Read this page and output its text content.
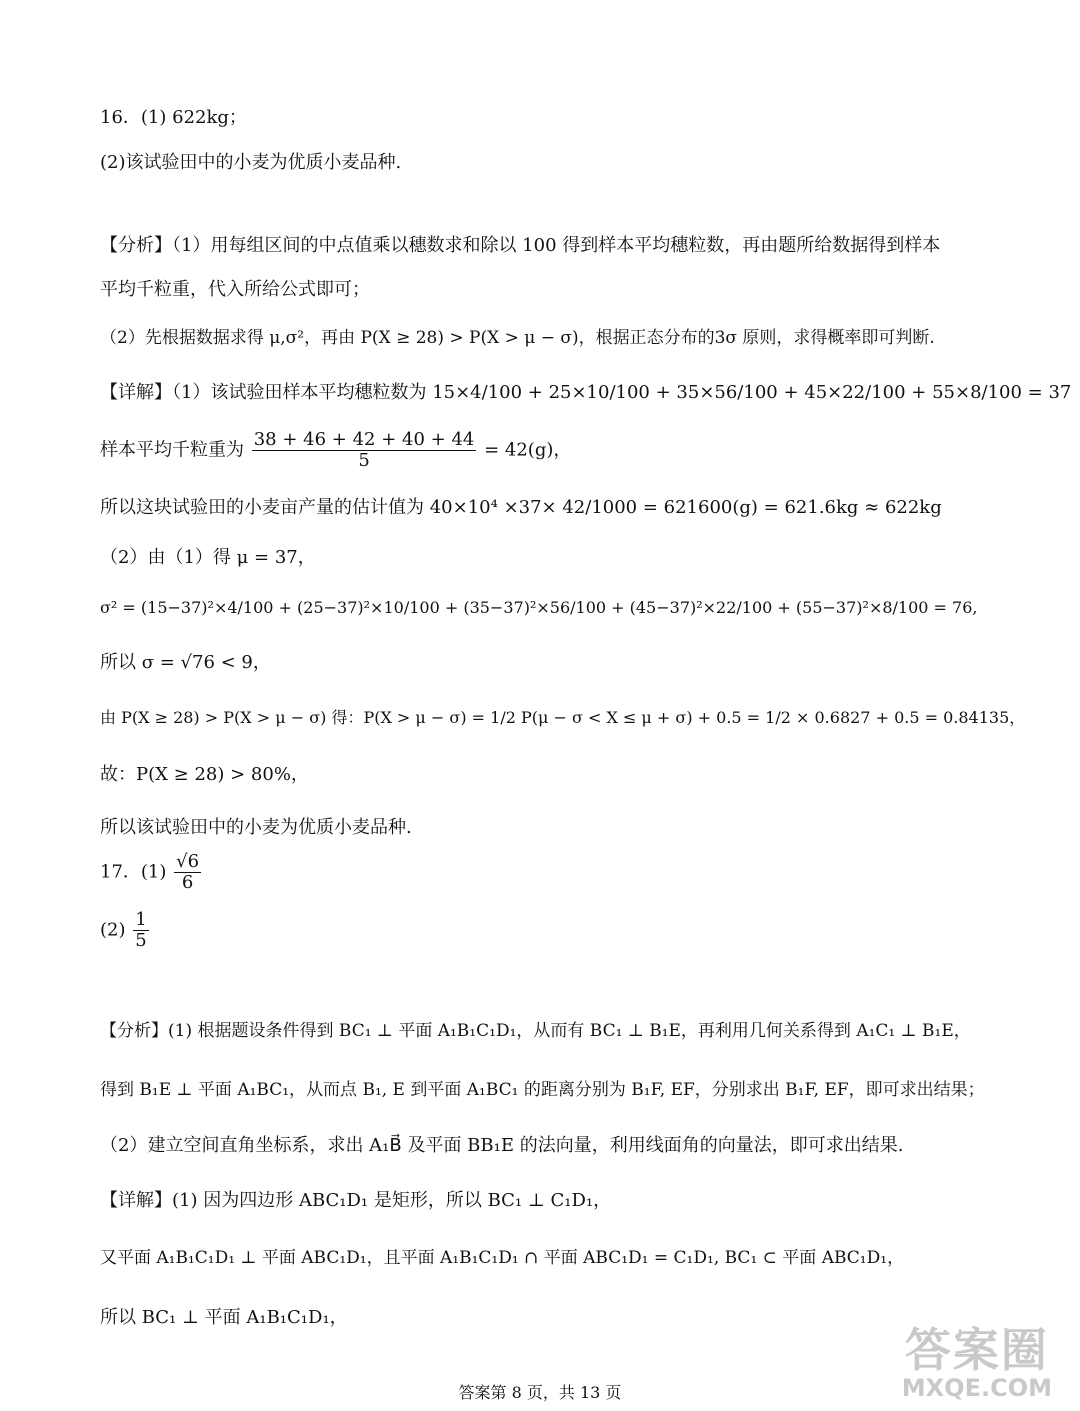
16．(1) 622kg；
(2)该试验田中的小麦为优质小麦品种.
【分析】（1）用每组区间的中点值乘以穗数求和除以 100 得到样本平均穗粒数，再由题所给数据得到样本
平均千粒重，代入所给公式即可；
（2）先根据数据求得 μ,σ²，再由 P(X ≥ 28) > P(X > μ − σ)，根据正态分布的3σ 原则，求得概率即可判断.
【详解】（1）该试验田样本平均穗粒数为 15×4/100 + 25×10/100 + 35×56/100 + 45×22/100 + 55×8/100 = 37
样本平均千粒重为 $\frac{38 + 46 + 42 + 40 + 44}{5} = 42(g)$，
所以这块试验田的小麦亩产量的估计值为 40×10⁴ ×37× 42/1000 = 621600(g) = 621.6kg ≈ 622kg
（2）由（1）得 μ = 37，
σ² = (15−37)²×4/100 + (25−37)²×10/100 + (35−37)²×56/100 + (45−37)²×22/100 + (55−37)²×8/100 = 76,
所以 σ = √76 < 9，
由 P(X ≥ 28) > P(X > μ − σ) 得：P(X > μ − σ) = 1/2 P(μ − σ < X ≤ μ + σ) + 0.5 = 1/2 × 0.6827 + 0.5 = 0.84135，
故：P(X ≥ 28) > 80%，
所以该试验田中的小麦为优质小麦品种.
17．$(1) \frac{√6}{6}$
$(2) \frac{1}{5}$
【分析】(1) 根据题设条件得到 BC₁ ⊥ 平面 A₁B₁C₁D₁，从而有 BC₁ ⊥ B₁E，再利用几何关系得到 A₁C₁ ⊥ B₁E，
得到 B₁E ⊥ 平面 A₁BC₁，从而点 B₁, E 到平面 A₁BC₁ 的距离分别为 B₁F, EF，分别求出 B₁F, EF，即可求出结果；
（2）建立空间直角坐标系，求出 A₁B⃗ 及平面 BB₁E 的法向量，利用线面角的向量法，即可求出结果.
【详解】(1) 因为四边形 ABC₁D₁ 是矩形，所以 BC₁ ⊥ C₁D₁，
又平面 A₁B₁C₁D₁ ⊥ 平面 ABC₁D₁，且平面 A₁B₁C₁D₁ ∩ 平面 ABC₁D₁ = C₁D₁, BC₁ ⊂ 平面 ABC₁D₁，
所以 BC₁ ⊥ 平面 A₁B₁C₁D₁，
答案第 8 页，共 13 页
答案圈
MXQE.COM
